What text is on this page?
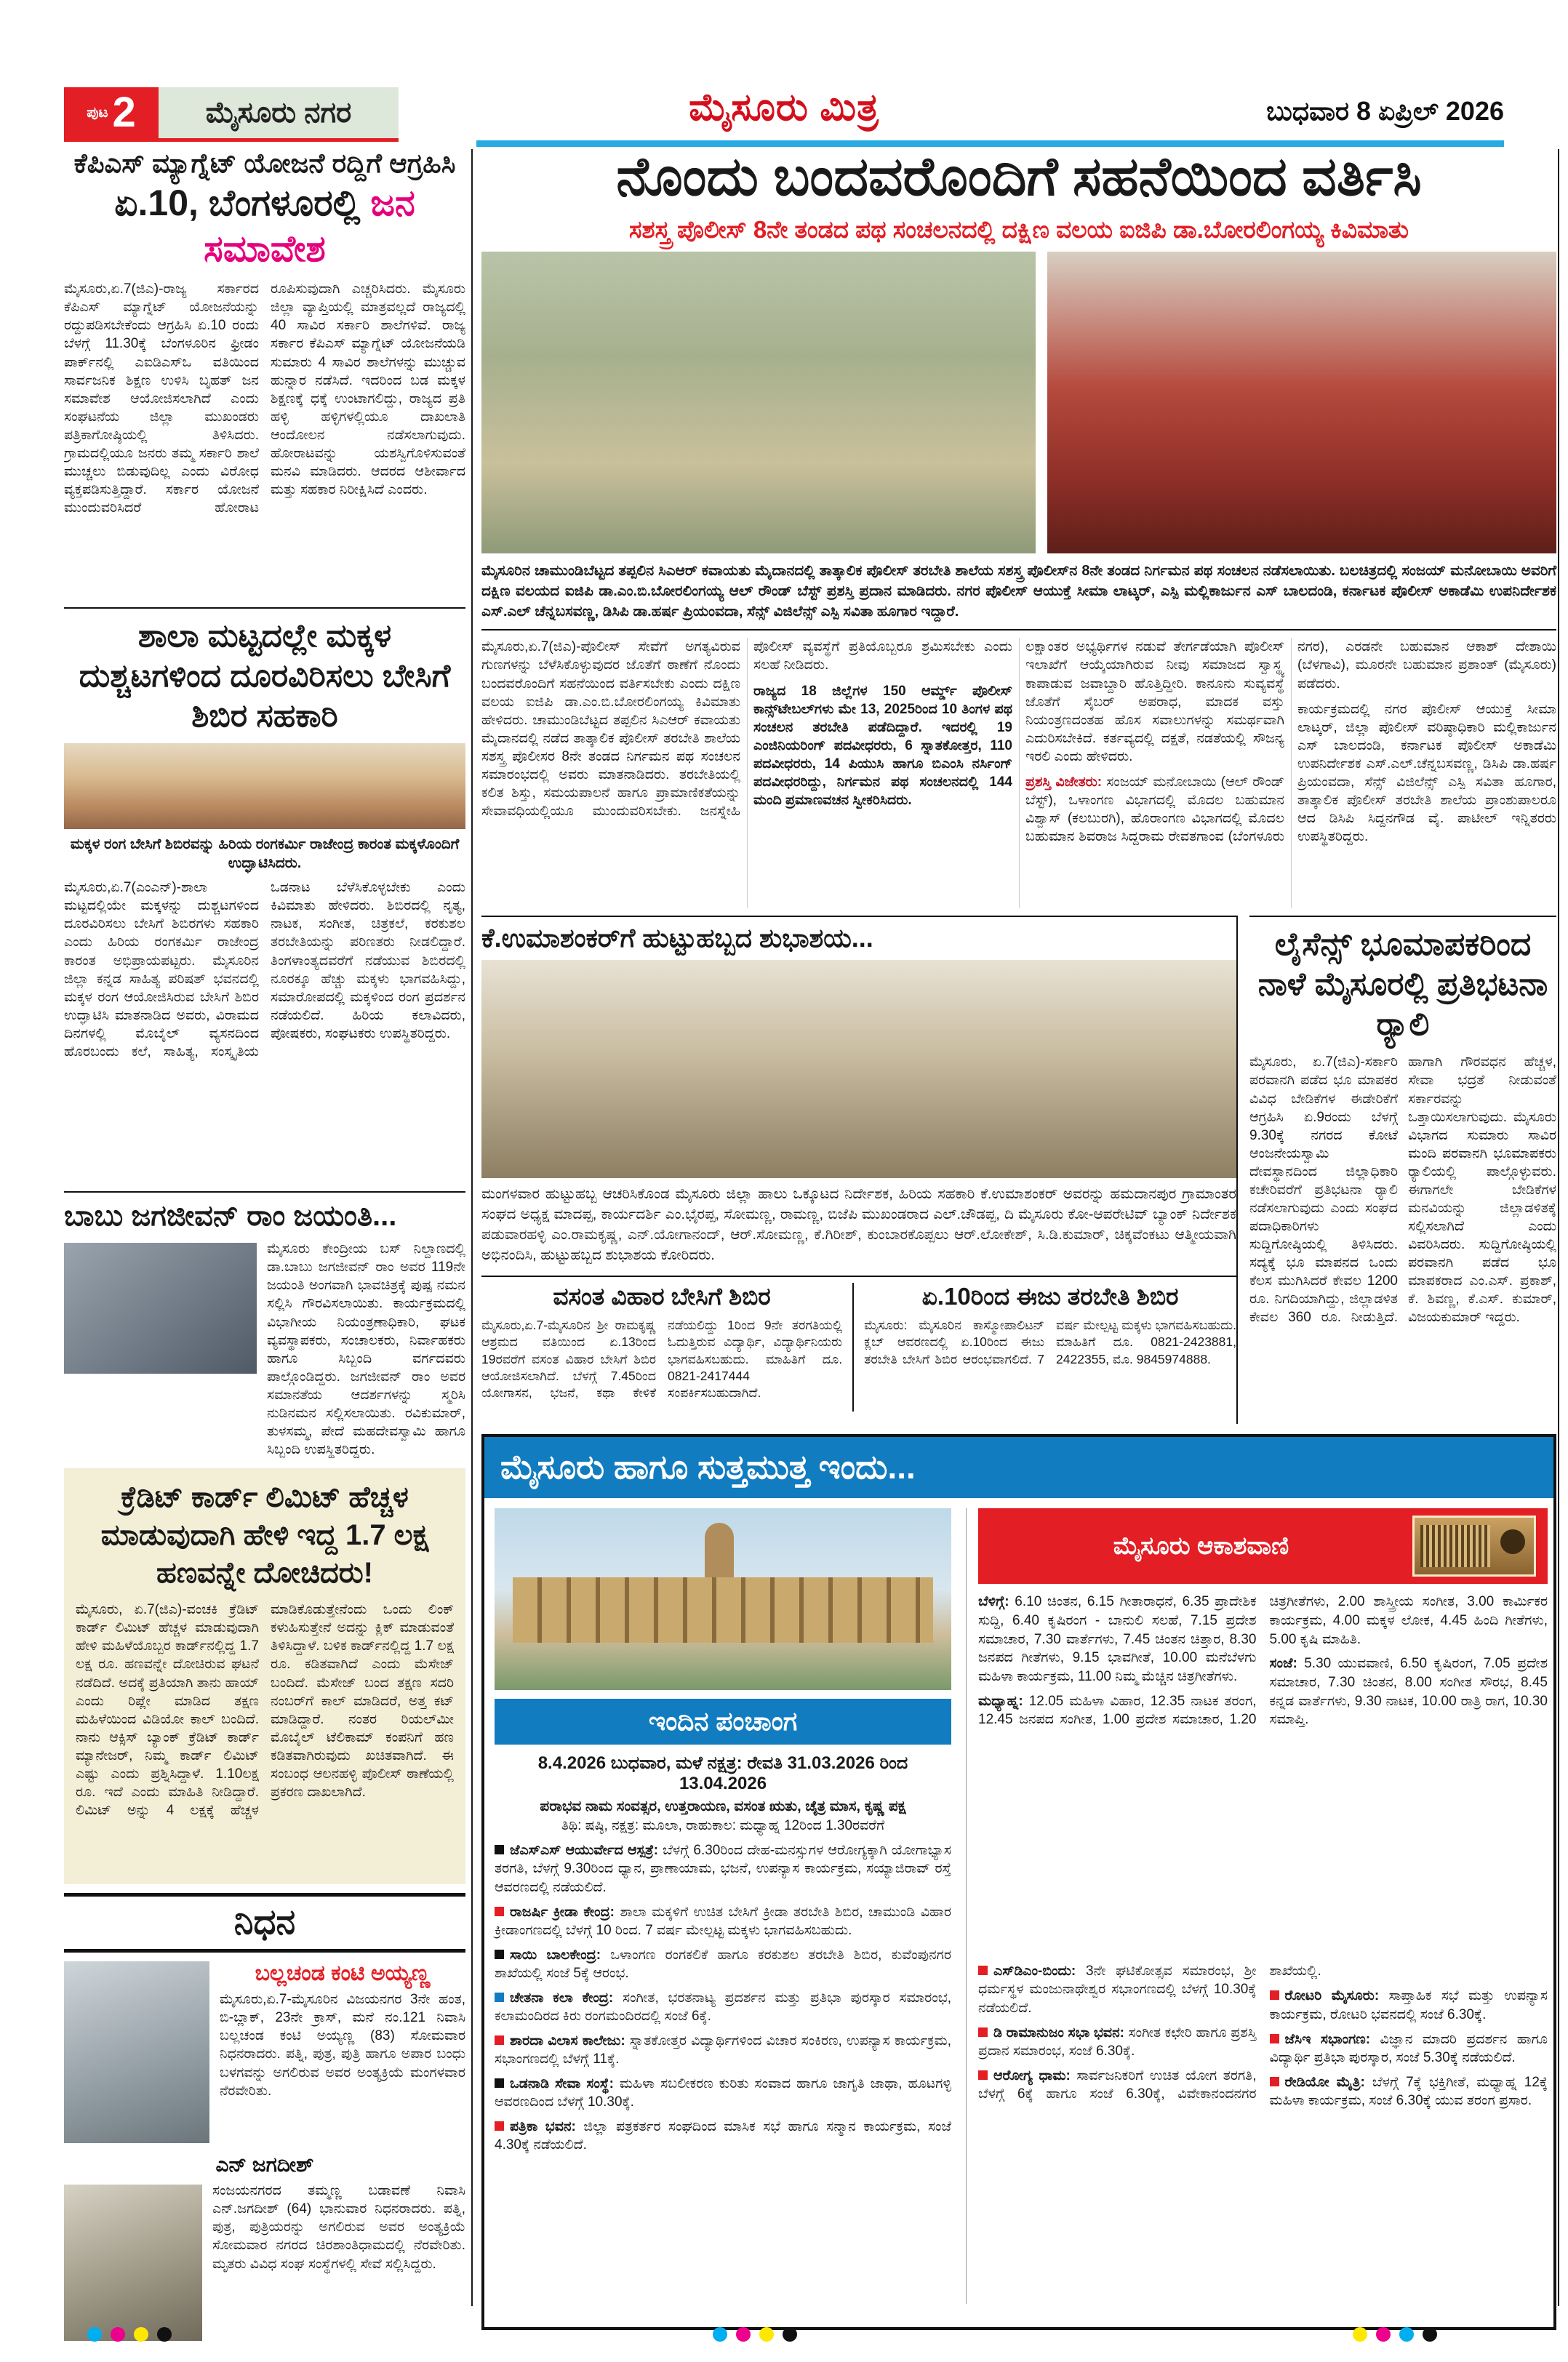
ಪುಟ 2	ಮೈಸೂರು ನಗರ	ಮೈಸೂರು ಮಿತ್ರ	ಬುಧವಾರ 8 ಏಪ್ರಿಲ್ 2026
ಕೆಪಿಎಸ್ ಮ್ಯಾಗ್ನೆಟ್ ಯೋಜನೆ ರದ್ದಿಗೆ ಆಗ್ರಹಿಸಿ
ಏ.10, ಬೆಂಗಳೂರಲ್ಲಿ ಜನ ಸಮಾವೇಶ
ಮೈಸೂರು,ಏ.7(ಜಿಎ)-ರಾಜ್ಯ ಸರ್ಕಾರದ ಕೆಪಿಎಸ್ ಮ್ಯಾಗ್ನೆಟ್ ಯೋಜನೆಯನ್ನು ರದ್ದುಪಡಿಸಬೇಕೆಂದು ಆಗ್ರಹಿಸಿ ಏ.10 ರಂದು ಬೆಳಗ್ಗೆ 11.30ಕ್ಕೆ ಬೆಂಗಳೂರಿನ ಫ್ರೀಡಂ ಪಾರ್ಕ್‌ನಲ್ಲಿ ಎಐಡಿಎಸ್ಒ ವತಿಯಿಂದ ಸಾರ್ವಜನಿಕ ಶಿಕ್ಷಣ ಉಳಿಸಿ ಬೃಹತ್ ಜನ ಸಮಾವೇಶ ಆಯೋಜಿಸಲಾಗಿದೆ ಎಂದು ಸಂಘಟನೆಯ ಜಿಲ್ಲಾ ಮುಖಂಡರು ಪತ್ರಿಕಾಗೋಷ್ಠಿಯಲ್ಲಿ ತಿಳಿಸಿದರು. ಗ್ರಾಮದಲ್ಲಿಯೂ ಜನರು ತಮ್ಮ ಸರ್ಕಾರಿ ಶಾಲೆ ಮುಚ್ಚಲು ಬಿಡುವುದಿಲ್ಲ ಎಂದು ವಿರೋಧ ವ್ಯಕ್ತಪಡಿಸುತ್ತಿದ್ದಾರೆ. ಸರ್ಕಾರ ಯೋಜನೆ ಮುಂದುವರಿಸಿದರೆ ಹೋರಾಟ ರೂಪಿಸುವುದಾಗಿ ಎಚ್ಚರಿಸಿದರು. ಮೈಸೂರು ಜಿಲ್ಲಾ ವ್ಯಾಪ್ತಿಯಲ್ಲಿ ಮಾತ್ರವಲ್ಲದೆ ರಾಜ್ಯದಲ್ಲಿ 40 ಸಾವಿರ ಸರ್ಕಾರಿ ಶಾಲೆಗಳಿವೆ. ರಾಜ್ಯ ಸರ್ಕಾರ ಕೆಪಿಎಸ್ ಮ್ಯಾಗ್ನೆಟ್ ಯೋಜನೆಯಡಿ ಸುಮಾರು 4 ಸಾವಿರ ಶಾಲೆಗಳನ್ನು ಮುಚ್ಚುವ ಹುನ್ನಾರ ನಡೆಸಿದೆ. ಇದರಿಂದ ಬಡ ಮಕ್ಕಳ ಶಿಕ್ಷಣಕ್ಕೆ ಧಕ್ಕೆ ಉಂಟಾಗಲಿದ್ದು, ರಾಜ್ಯದ ಪ್ರತಿ ಹಳ್ಳಿ ಹಳ್ಳಿಗಳಲ್ಲಿಯೂ ದಾಖಲಾತಿ ಆಂದೋಲನ ನಡೆಸಲಾಗುವುದು. ಹೋರಾಟವನ್ನು ಯಶಸ್ವಿಗೊಳಿಸುವಂತೆ ಮನವಿ ಮಾಡಿದರು. ಆದರದ ಆಶೀರ್ವಾದ ಮತ್ತು ಸಹಕಾರ ನಿರೀಕ್ಷಿಸಿದೆ ಎಂದರು.
ಶಾಲಾ ಮಟ್ಟದಲ್ಲೇ ಮಕ್ಕಳ ದುಶ್ಚಟಗಳಿಂದ ದೂರವಿರಿಸಲು ಬೇಸಿಗೆ ಶಿಬಿರ ಸಹಕಾರಿ
ಮಕ್ಕಳ ರಂಗ ಬೇಸಿಗೆ ಶಿಬಿರವನ್ನು ಹಿರಿಯ ರಂಗಕರ್ಮಿ ರಾಜೇಂದ್ರ ಕಾರಂತ ಮಕ್ಕಳೊಂದಿಗೆ ಉದ್ಘಾಟಿಸಿದರು.
ಮೈಸೂರು,ಏ.7(ಎಂಎನ್)-ಶಾಲಾ ಮಟ್ಟದಲ್ಲಿಯೇ ಮಕ್ಕಳನ್ನು ದುಶ್ಚಟಗಳಿಂದ ದೂರವಿರಿಸಲು ಬೇಸಿಗೆ ಶಿಬಿರಗಳು ಸಹಕಾರಿ ಎಂದು ಹಿರಿಯ ರಂಗಕರ್ಮಿ ರಾಜೇಂದ್ರ ಕಾರಂತ ಅಭಿಪ್ರಾಯಪಟ್ಟರು. ಮೈಸೂರಿನ ಜಿಲ್ಲಾ ಕನ್ನಡ ಸಾಹಿತ್ಯ ಪರಿಷತ್ ಭವನದಲ್ಲಿ ಮಕ್ಕಳ ರಂಗ ಆಯೋಜಿಸಿರುವ ಬೇಸಿಗೆ ಶಿಬಿರ ಉದ್ಘಾಟಿಸಿ ಮಾತನಾಡಿದ ಅವರು, ವಿರಾಮದ ದಿನಗಳಲ್ಲಿ ಮೊಬೈಲ್ ವ್ಯಸನದಿಂದ ಹೊರಬಂದು ಕಲೆ, ಸಾಹಿತ್ಯ, ಸಂಸ್ಕೃತಿಯ ಒಡನಾಟ ಬೆಳೆಸಿಕೊಳ್ಳಬೇಕು ಎಂದು ಕಿವಿಮಾತು ಹೇಳಿದರು. ಶಿಬಿರದಲ್ಲಿ ನೃತ್ಯ, ನಾಟಕ, ಸಂಗೀತ, ಚಿತ್ರಕಲೆ, ಕರಕುಶಲ ತರಬೇತಿಯನ್ನು ಪರಿಣತರು ನೀಡಲಿದ್ದಾರೆ. ತಿಂಗಳಾಂತ್ಯದವರೆಗೆ ನಡೆಯುವ ಶಿಬಿರದಲ್ಲಿ ನೂರಕ್ಕೂ ಹೆಚ್ಚು ಮಕ್ಕಳು ಭಾಗವಹಿಸಿದ್ದು, ಸಮಾರೋಪದಲ್ಲಿ ಮಕ್ಕಳಿಂದ ರಂಗ ಪ್ರದರ್ಶನ ನಡೆಯಲಿದೆ. ಹಿರಿಯ ಕಲಾವಿದರು, ಪೋಷಕರು, ಸಂಘಟಕರು ಉಪಸ್ಥಿತರಿದ್ದರು.
ಬಾಬು ಜಗಜೀವನ್ ರಾಂ ಜಯಂತಿ...
ಮೈಸೂರು ಕೇಂದ್ರೀಯ ಬಸ್ ನಿಲ್ದಾಣದಲ್ಲಿ ಡಾ.ಬಾಬು ಜಗಜೀವನ್ ರಾಂ ಅವರ 119ನೇ ಜಯಂತಿ ಅಂಗವಾಗಿ ಭಾವಚಿತ್ರಕ್ಕೆ ಪುಷ್ಪ ನಮನ ಸಲ್ಲಿಸಿ ಗೌರವಿಸಲಾಯಿತು. ಕಾರ್ಯಕ್ರಮದಲ್ಲಿ ವಿಭಾಗೀಯ ನಿಯಂತ್ರಣಾಧಿಕಾರಿ, ಘಟಕ ವ್ಯವಸ್ಥಾಪಕರು, ಸಂಚಾಲಕರು, ನಿರ್ವಾಹಕರು ಹಾಗೂ ಸಿಬ್ಬಂದಿ ವರ್ಗದವರು ಪಾಲ್ಗೊಂಡಿದ್ದರು. ಜಗಜೀವನ್ ರಾಂ ಅವರ ಸಮಾನತೆಯ ಆದರ್ಶಗಳನ್ನು ಸ್ಮರಿಸಿ ನುಡಿನಮನ ಸಲ್ಲಿಸಲಾಯಿತು. ರವಿಕುಮಾರ್, ತುಳಸಮ್ಮ, ಪೇದೆ ಮಹದೇವಸ್ವಾಮಿ ಹಾಗೂ ಸಿಬ್ಬಂದಿ ಉಪಸ್ಥಿತರಿದ್ದರು.
ಕ್ರೆಡಿಟ್ ಕಾರ್ಡ್ ಲಿಮಿಟ್ ಹೆಚ್ಚಳ ಮಾಡುವುದಾಗಿ ಹೇಳಿ ಇದ್ದ 1.7 ಲಕ್ಷ ಹಣವನ್ನೇ ದೋಚಿದರು!
ಮೈಸೂರು, ಏ.7(ಜಿಎ)-ವಂಚಕಿ ಕ್ರೆಡಿಟ್ ಕಾರ್ಡ್ ಲಿಮಿಟ್ ಹೆಚ್ಚಳ ಮಾಡುವುದಾಗಿ ಹೇಳಿ ಮಹಿಳೆಯೊಬ್ಬರ ಕಾರ್ಡ್‌ನಲ್ಲಿದ್ದ 1.7 ಲಕ್ಷ ರೂ. ಹಣವನ್ನೇ ದೋಚಿರುವ ಘಟನೆ ನಡೆದಿದೆ. ಅದಕ್ಕೆ ಪ್ರತಿಯಾಗಿ ತಾನು ಹಾಯ್ ಎಂದು ರಿಪ್ಲೇ ಮಾಡಿದ ತಕ್ಷಣ ಮಹಿಳೆಯಿಂದ ವಿಡಿಯೋ ಕಾಲ್ ಬಂದಿದೆ. ನಾನು ಆಕ್ಸಿಸ್ ಬ್ಯಾಂಕ್ ಕ್ರೆಡಿಟ್ ಕಾರ್ಡ್ ಮ್ಯಾನೇಜರ್, ನಿಮ್ಮ ಕಾರ್ಡ್ ಲಿಮಿಟ್ ಎಷ್ಟು ಎಂದು ಪ್ರಶ್ನಿಸಿದ್ದಾಳೆ. 1.10ಲಕ್ಷ ರೂ. ಇದೆ ಎಂದು ಮಾಹಿತಿ ನೀಡಿದ್ದಾರೆ. ಲಿಮಿಟ್ ಅನ್ನು 4 ಲಕ್ಷಕ್ಕೆ ಹೆಚ್ಚಳ ಮಾಡಿಕೊಡುತ್ತೇನೆಂದು ಒಂದು ಲಿಂಕ್ ಕಳುಹಿಸುತ್ತೇನೆ ಅದನ್ನು ಕ್ಲಿಕ್ ಮಾಡುವಂತೆ ತಿಳಿಸಿದ್ದಾಳೆ. ಬಳಿಕ ಕಾರ್ಡ್‌ನಲ್ಲಿದ್ದ 1.7 ಲಕ್ಷ ರೂ. ಕಡಿತವಾಗಿದೆ ಎಂದು ಮೆಸೇಜ್ ಬಂದಿದೆ. ಮೆಸೇಜ್ ಬಂದ ತಕ್ಷಣ ಸದರಿ ನಂಬರ್‌ಗೆ ಕಾಲ್ ಮಾಡಿದರೆ, ಅತ್ತ ಕಟ್ ಮಾಡಿದ್ದಾರೆ. ನಂತರ ರಿಯಲ್‌ಮೀ ಮೊಬೈಲ್ ಟೆಲಿಕಾಮ್ ಕಂಪನಿಗೆ ಹಣ ಕಡಿತವಾಗಿರುವುದು ಖಚಿತವಾಗಿದೆ. ಈ ಸಂಬಂಧ ಆಲನಹಳ್ಳಿ ಪೊಲೀಸ್ ಠಾಣೆಯಲ್ಲಿ ಪ್ರಕರಣ ದಾಖಲಾಗಿದೆ.
ನಿಧನ
ಬಲ್ಲಚಂಡ ಕಂಟಿ ಅಯ್ಯಣ್ಣ
ಮೈಸೂರು,ಏ.7-ಮೈಸೂರಿನ ವಿಜಯನಗರ 3ನೇ ಹಂತ, ಬಿ-ಬ್ಲಾಕ್, 23ನೇ ಕ್ರಾಸ್, ಮನೆ ನಂ.121 ನಿವಾಸಿ ಬಲ್ಲಚಂಡ ಕಂಟಿ ಅಯ್ಯಣ್ಣ (83) ಸೋಮವಾರ ನಿಧನರಾದರು. ಪತ್ನಿ, ಪುತ್ರ, ಪುತ್ರಿ ಹಾಗೂ ಅಪಾರ ಬಂಧು ಬಳಗವನ್ನು ಅಗಲಿರುವ ಅವರ ಅಂತ್ಯಕ್ರಿಯೆ ಮಂಗಳವಾರ ನೆರವೇರಿತು.
ಎನ್ ಜಗದೀಶ್
ಸಂಜಯನಗರದ ತಮ್ಮಣ್ಣ ಬಡಾವಣೆ ನಿವಾಸಿ ಎನ್.ಜಗದೀಶ್ (64) ಭಾನುವಾರ ನಿಧನರಾದರು. ಪತ್ನಿ, ಪುತ್ರ, ಪುತ್ರಿಯರನ್ನು ಅಗಲಿರುವ ಅವರ ಅಂತ್ಯಕ್ರಿಯೆ ಸೋಮವಾರ ನಗರದ ಚಿರಶಾಂತಿಧಾಮದಲ್ಲಿ ನೆರವೇರಿತು. ಮೃತರು ವಿವಿಧ ಸಂಘ ಸಂಸ್ಥೆಗಳಲ್ಲಿ ಸೇವೆ ಸಲ್ಲಿಸಿದ್ದರು.
ನೊಂದು ಬಂದವರೊಂದಿಗೆ ಸಹನೆಯಿಂದ ವರ್ತಿಸಿ
ಸಶಸ್ತ್ರ ಪೊಲೀಸ್ 8ನೇ ತಂಡದ ಪಥ ಸಂಚಲನದಲ್ಲಿ ದಕ್ಷಿಣ ವಲಯ ಐಜಿಪಿ ಡಾ.ಬೋರಲಿಂಗಯ್ಯ ಕಿವಿಮಾತು
ಮೈಸೂರಿನ ಚಾಮುಂಡಿಬೆಟ್ಟದ ತಪ್ಪಲಿನ ಸಿಎಆರ್ ಕವಾಯತು ಮೈದಾನದಲ್ಲಿ ತಾತ್ಕಾಲಿಕ ಪೊಲೀಸ್ ತರಬೇತಿ ಶಾಲೆಯ ಸಶಸ್ತ್ರ ಪೊಲೀಸ್‌ನ 8ನೇ ತಂಡದ ನಿರ್ಗಮನ ಪಥ ಸಂಚಲನ ನಡೆಸಲಾಯಿತು. ಬಲಚಿತ್ರದಲ್ಲಿ ಸಂಜಯ್ ಮನೋಬಾಯಿ ಅವರಿಗೆ ದಕ್ಷಿಣ ವಲಯದ ಐಜಿಪಿ ಡಾ.ಎಂ.ಬಿ.ಬೋರಲಿಂಗಯ್ಯ ಆಲ್ ರೌಂಡ್ ಬೆಸ್ಟ್ ಪ್ರಶಸ್ತಿ ಪ್ರದಾನ ಮಾಡಿದರು. ನಗರ ಪೊಲೀಸ್ ಆಯುಕ್ತೆ ಸೀಮಾ ಲಾಟ್ಕರ್, ಎಸ್ಪಿ ಮಲ್ಲಿಕಾರ್ಜುನ ಎಸ್ ಬಾಲದಂಡಿ, ಕರ್ನಾಟಕ ಪೊಲೀಸ್ ಅಕಾಡೆಮಿ ಉಪನಿರ್ದೇಶಕ ಎಸ್.ಎಲ್ ಚೆನ್ನಬಸವಣ್ಣ, ಡಿಸಿಪಿ ಡಾ.ಹರ್ಷ ಪ್ರಿಯಂವದಾ, ಸೆನ್ಸ್ ವಿಜಿಲೆನ್ಸ್ ಎಸ್ಪಿ ಸವಿತಾ ಹೂಗಾರ ಇದ್ದಾರೆ.

ಮೈಸೂರು,ಏ.7(ಜಿಎ)-ಪೊಲೀಸ್ ಸೇವೆಗೆ ಅಗತ್ಯವಿರುವ ಗುಣಗಳನ್ನು ಬೆಳೆಸಿಕೊಳ್ಳುವುದರ ಜೊತೆಗೆ ಠಾಣೆಗೆ ನೊಂದು ಬಂದವರೊಂದಿಗೆ ಸಹನೆಯಿಂದ ವರ್ತಿಸಬೇಕು ಎಂದು ದಕ್ಷಿಣ ವಲಯ ಐಜಿಪಿ ಡಾ.ಎಂ.ಬಿ.ಬೋರಲಿಂಗಯ್ಯ ಕಿವಿಮಾತು ಹೇಳಿದರು. ಚಾಮುಂಡಿಬೆಟ್ಟದ ತಪ್ಪಲಿನ ಸಿಎಆರ್ ಕವಾಯತು ಮೈದಾನದಲ್ಲಿ ನಡೆದ ತಾತ್ಕಾಲಿಕ ಪೊಲೀಸ್ ತರಬೇತಿ ಶಾಲೆಯ ಸಶಸ್ತ್ರ ಪೊಲೀಸರ 8ನೇ ತಂಡದ ನಿರ್ಗಮನ ಪಥ ಸಂಚಲನ ಸಮಾರಂಭದಲ್ಲಿ ಅವರು ಮಾತನಾಡಿದರು. ತರಬೇತಿಯಲ್ಲಿ ಕಲಿತ ಶಿಸ್ತು, ಸಮಯಪಾಲನೆ ಹಾಗೂ ಪ್ರಾಮಾಣಿಕತೆಯನ್ನು ಸೇವಾವಧಿಯಲ್ಲಿಯೂ ಮುಂದುವರಿಸಬೇಕು. ಜನಸ್ನೇಹಿ ಪೊಲೀಸ್ ವ್ಯವಸ್ಥೆಗೆ ಪ್ರತಿಯೊಬ್ಬರೂ ಶ್ರಮಿಸಬೇಕು ಎಂದು ಸಲಹೆ ನೀಡಿದರು.

ರಾಜ್ಯದ 18 ಜಿಲ್ಲೆಗಳ 150 ಆರ್ಮ್ಡ್ ಪೊಲೀಸ್ ಕಾನ್ಸ್‌ಟೇಬಲ್‌ಗಳು ಮೇ 13, 2025ರಿಂದ 10 ತಿಂಗಳ ಪಥ ಸಂಚಲನ ತರಬೇತಿ ಪಡೆದಿದ್ದಾರೆ. ಇದರಲ್ಲಿ 19 ಎಂಜಿನಿಯರಿಂಗ್ ಪದವೀಧರರು, 6 ಸ್ನಾತಕೋತ್ತರ, 110 ಪದವೀಧರರು, 14 ಪಿಯುಸಿ ಹಾಗೂ ಬಿಎಂಸಿ ನರ್ಸಿಂಗ್ ಪದವೀಧರರಿದ್ದು, ನಿರ್ಗಮನ ಪಥ ಸಂಚಲನದಲ್ಲಿ 144 ಮಂದಿ ಪ್ರಮಾಣವಚನ ಸ್ವೀಕರಿಸಿದರು.

ಲಕ್ಷಾಂತರ ಅಭ್ಯರ್ಥಿಗಳ ನಡುವೆ ತೇರ್ಗಡೆಯಾಗಿ ಪೊಲೀಸ್ ಇಲಾಖೆಗೆ ಆಯ್ಕೆಯಾಗಿರುವ ನೀವು ಸಮಾಜದ ಸ್ವಾಸ್ಥ್ಯ ಕಾಪಾಡುವ ಜವಾಬ್ದಾರಿ ಹೊತ್ತಿದ್ದೀರಿ. ಕಾನೂನು ಸುವ್ಯವಸ್ಥೆ ಜೊತೆಗೆ ಸೈಬರ್ ಅಪರಾಧ, ಮಾದಕ ವಸ್ತು ನಿಯಂತ್ರಣದಂತಹ ಹೊಸ ಸವಾಲುಗಳನ್ನು ಸಮರ್ಥವಾಗಿ ಎದುರಿಸಬೇಕಿದೆ. ಕರ್ತವ್ಯದಲ್ಲಿ ದಕ್ಷತೆ, ನಡತೆಯಲ್ಲಿ ಸೌಜನ್ಯ ಇರಲಿ ಎಂದು ಹೇಳಿದರು.

ಪ್ರಶಸ್ತಿ ವಿಜೇತರು: ಸಂಜಯ್ ಮನೋಬಾಯಿ (ಆಲ್ ರೌಂಡ್ ಬೆಸ್ಟ್), ಒಳಾಂಗಣ ವಿಭಾಗದಲ್ಲಿ ಮೊದಲ ಬಹುಮಾನ ವಿಶ್ವಾಸ್ (ಕಲಬುರಗಿ), ಹೊರಾಂಗಣ ವಿಭಾಗದಲ್ಲಿ ಮೊದಲ ಬಹುಮಾನ ಶಿವರಾಜ ಸಿದ್ದರಾಮ ರೇವತಗಾಂವ (ಬೆಂಗಳೂರು ನಗರ), ಎರಡನೇ ಬಹುಮಾನ ಆಕಾಶ್ ದೇಶಾಯಿ (ಬೆಳಗಾವಿ), ಮೂರನೇ ಬಹುಮಾನ ಪ್ರಶಾಂತ್ (ಮೈಸೂರು) ಪಡೆದರು.

ಕಾರ್ಯಕ್ರಮದಲ್ಲಿ ನಗರ ಪೊಲೀಸ್ ಆಯುಕ್ತೆ ಸೀಮಾ ಲಾಟ್ಕರ್, ಜಿಲ್ಲಾ ಪೊಲೀಸ್ ವರಿಷ್ಠಾಧಿಕಾರಿ ಮಲ್ಲಿಕಾರ್ಜುನ ಎಸ್ ಬಾಲದಂಡಿ, ಕರ್ನಾಟಕ ಪೊಲೀಸ್ ಅಕಾಡೆಮಿ ಉಪನಿರ್ದೇಶಕ ಎಸ್.ಎಲ್.ಚೆನ್ನಬಸವಣ್ಣ, ಡಿಸಿಪಿ ಡಾ.ಹರ್ಷ ಪ್ರಿಯಂವದಾ, ಸೆನ್ಸ್ ವಿಜಿಲೆನ್ಸ್ ಎಸ್ಪಿ ಸವಿತಾ ಹೂಗಾರ, ತಾತ್ಕಾಲಿಕ ಪೊಲೀಸ್ ತರಬೇತಿ ಶಾಲೆಯ ಪ್ರಾಂಶುಪಾಲರೂ ಆದ ಡಿಸಿಪಿ ಸಿದ್ದನಗೌಡ ವೈ. ಪಾಟೀಲ್ ಇನ್ನಿತರರು ಉಪಸ್ಥಿತರಿದ್ದರು.

ಕೆ.ಉಮಾಶಂಕರ್‌ಗೆ ಹುಟ್ಟುಹಬ್ಬದ ಶುಭಾಶಯ...
ಮಂಗಳವಾರ ಹುಟ್ಟುಹಬ್ಬ ಆಚರಿಸಿಕೊಂಡ ಮೈಸೂರು ಜಿಲ್ಲಾ ಹಾಲು ಒಕ್ಕೂಟದ ನಿರ್ದೇಶಕ, ಹಿರಿಯ ಸಹಕಾರಿ ಕೆ.ಉಮಾಶಂಕರ್ ಅವರನ್ನು ಹಮದಾನಪುರ ಗ್ರಾಮಾಂತರ ಸಂಘದ ಅಧ್ಯಕ್ಷ ಮಾದಪ್ಪ, ಕಾರ್ಯದರ್ಶಿ ಎಂ.ಭೈರಪ್ಪ, ಸೋಮಣ್ಣ, ರಾಮಣ್ಣ, ಬಿಜೆಪಿ ಮುಖಂಡರಾದ ಎಲ್.ಚೌಡಪ್ಪ, ದಿ ಮೈಸೂರು ಕೋ-ಆಪರೇಟಿವ್ ಬ್ಯಾಂಕ್ ನಿರ್ದೇಶಕ ಪಡುವಾರಹಳ್ಳಿ ಎಂ.ರಾಮಕೃಷ್ಣ, ಎನ್.ಯೋಗಾನಂದ್, ಆರ್.ಸೋಮಣ್ಣ, ಕೆ.ಗಿರೀಶ್, ಕುಂಬಾರಕೊಪ್ಪಲು ಆರ್.ಲೋಕೇಶ್, ಸಿ.ಡಿ.ಕುಮಾರ್, ಚಿಕ್ಕವೆಂಕಟು ಆತ್ಮೀಯವಾಗಿ ಅಭಿನಂದಿಸಿ, ಹುಟ್ಟುಹಬ್ಬದ ಶುಭಾಶಯ ಕೋರಿದರು.
ವಸಂತ ವಿಹಾರ ಬೇಸಿಗೆ ಶಿಬಿರ
ಮೈಸೂರು,ಏ.7-ಮೈಸೂರಿನ ಶ್ರೀ ರಾಮಕೃಷ್ಣ ಆಶ್ರಮದ ವತಿಯಿಂದ ಏ.13ರಿಂದ 19ರವರೆಗೆ ವಸಂತ ವಿಹಾರ ಬೇಸಿಗೆ ಶಿಬಿರ ಆಯೋಜಿಸಲಾಗಿದೆ. ಬೆಳಗ್ಗೆ 7.45ರಿಂದ ಯೋಗಾಸನ, ಭಜನೆ, ಕಥಾ ಕೇಳಿಕೆ ನಡೆಯಲಿದ್ದು 1ರಿಂದ 9ನೇ ತರಗತಿಯಲ್ಲಿ ಓದುತ್ತಿರುವ ವಿದ್ಯಾರ್ಥಿ, ವಿದ್ಯಾರ್ಥಿನಿಯರು ಭಾಗವಹಿಸಬಹುದು. ಮಾಹಿತಿಗೆ ದೂ. 0821-2417444 ಸಂಪರ್ಕಿಸಬಹುದಾಗಿದೆ.
ಏ.10ರಿಂದ ಈಜು ತರಬೇತಿ ಶಿಬಿರ
ಮೈಸೂರು: ಮೈಸೂರಿನ ಕಾಸ್ಮೋಪಾಲಿಟನ್ ಕ್ಲಬ್ ಆವರಣದಲ್ಲಿ ಏ.10ರಿಂದ ಈಜು ತರಬೇತಿ ಬೇಸಿಗೆ ಶಿಬಿರ ಆರಂಭವಾಗಲಿದೆ. 7 ವರ್ಷ ಮೇಲ್ಪಟ್ಟ ಮಕ್ಕಳು ಭಾಗವಹಿಸಬಹುದು. ಮಾಹಿತಿಗೆ ದೂ. 0821-2423881, 2422355, ಮೊ. 9845974888.
ಲೈಸೆನ್ಸ್ ಭೂಮಾಪಕರಿಂದ ನಾಳೆ ಮೈಸೂರಲ್ಲಿ ಪ್ರತಿಭಟನಾ ರ‍್ಯಾಲಿ
ಮೈಸೂರು, ಏ.7(ಜಿಎ)-ಸರ್ಕಾರಿ ಪರವಾನಗಿ ಪಡೆದ ಭೂ ಮಾಪಕರ ವಿವಿಧ ಬೇಡಿಕೆಗಳ ಈಡೇರಿಕೆಗೆ ಆಗ್ರಹಿಸಿ ಏ.9ರಂದು ಬೆಳಗ್ಗೆ 9.30ಕ್ಕೆ ನಗರದ ಕೋಟೆ ಆಂಜನೇಯಸ್ವಾಮಿ ದೇವಸ್ಥಾನದಿಂದ ಜಿಲ್ಲಾಧಿಕಾರಿ ಕಚೇರಿವರೆಗೆ ಪ್ರತಿಭಟನಾ ರ‍್ಯಾಲಿ ನಡೆಸಲಾಗುವುದು ಎಂದು ಸಂಘದ ಪದಾಧಿಕಾರಿಗಳು ಸುದ್ದಿಗೋಷ್ಠಿಯಲ್ಲಿ ತಿಳಿಸಿದರು. ಸದ್ಯಕ್ಕೆ ಭೂ ಮಾಪನದ ಒಂದು ಕೆಲಸ ಮುಗಿಸಿದರೆ ಕೇವಲ 1200 ರೂ. ನಿಗದಿಯಾಗಿದ್ದು, ಜಿಲ್ಲಾಡಳಿತ ಕೇವಲ 360 ರೂ. ನೀಡುತ್ತಿದೆ. ಹಾಗಾಗಿ ಗೌರವಧನ ಹೆಚ್ಚಳ, ಸೇವಾ ಭದ್ರತೆ ನೀಡುವಂತೆ ಸರ್ಕಾರವನ್ನು ಒತ್ತಾಯಿಸಲಾಗುವುದು. ಮೈಸೂರು ವಿಭಾಗದ ಸುಮಾರು ಸಾವಿರ ಮಂದಿ ಪರವಾನಗಿ ಭೂಮಾಪಕರು ರ‍್ಯಾಲಿಯಲ್ಲಿ ಪಾಲ್ಗೊಳ್ಳುವರು. ಈಗಾಗಲೇ ಬೇಡಿಕೆಗಳ ಮನವಿಯನ್ನು ಜಿಲ್ಲಾಡಳಿತಕ್ಕೆ ಸಲ್ಲಿಸಲಾಗಿದೆ ಎಂದು ವಿವರಿಸಿದರು. ಸುದ್ದಿಗೋಷ್ಠಿಯಲ್ಲಿ ಪರವಾನಗಿ ಪಡೆದ ಭೂ ಮಾಪಕರಾದ ಎಂ.ಎಸ್. ಪ್ರಕಾಶ್, ಕೆ. ಶಿವಣ್ಣ, ಕೆ.ಎಸ್. ಕುಮಾರ್, ವಿಜಯಕುಮಾರ್ ಇದ್ದರು.
ಮೈಸೂರು ಹಾಗೂ ಸುತ್ತಮುತ್ತ ಇಂದು...
ಇಂದಿನ ಪಂಚಾಂಗ
8.4.2026 ಬುಧವಾರ, ಮಳೆ ನಕ್ಷತ್ರ: ರೇವತಿ 31.03.2026 ರಿಂದ 13.04.2026
ಪರಾಭವ ನಾಮ ಸಂವತ್ಸರ, ಉತ್ತರಾಯಣ, ವಸಂತ ಋತು, ಚೈತ್ರ ಮಾಸ, ಕೃಷ್ಣ ಪಕ್ಷ
ತಿಥಿ: ಷಷ್ಠಿ, ನಕ್ಷತ್ರ: ಮೂಲಾ, ರಾಹುಕಾಲ: ಮಧ್ಯಾಹ್ನ 12ರಿಂದ 1.30ರವರೆಗೆ

ಜೆಎಸ್ಎಸ್ ಆಯುರ್ವೇದ ಆಸ್ಪತ್ರೆ: ಬೆಳಗ್ಗೆ 6.30ರಿಂದ ದೇಹ-ಮನಸ್ಸುಗಳ ಆರೋಗ್ಯಕ್ಕಾಗಿ ಯೋಗಾಭ್ಯಾಸ ತರಗತಿ, ಬೆಳಗ್ಗೆ 9.30ರಿಂದ ಧ್ಯಾನ, ಪ್ರಾಣಾಯಾಮ, ಭಜನೆ, ಉಪನ್ಯಾಸ ಕಾರ್ಯಕ್ರಮ, ಸಯ್ಯಾಜಿರಾವ್ ರಸ್ತೆ ಆವರಣದಲ್ಲಿ ನಡೆಯಲಿದೆ.

ರಾಜರ್ಷಿ ಕ್ರೀಡಾ ಕೇಂದ್ರ: ಶಾಲಾ ಮಕ್ಕಳಿಗೆ ಉಚಿತ ಬೇಸಿಗೆ ಕ್ರೀಡಾ ತರಬೇತಿ ಶಿಬಿರ, ಚಾಮುಂಡಿ ವಿಹಾರ ಕ್ರೀಡಾಂಗಣದಲ್ಲಿ ಬೆಳಗ್ಗೆ 10 ರಿಂದ. 7 ವರ್ಷ ಮೇಲ್ಪಟ್ಟ ಮಕ್ಕಳು ಭಾಗವಹಿಸಬಹುದು.

ಸಾಯಿ ಬಾಲಕೇಂದ್ರ: ಒಳಾಂಗಣ ರಂಗಕಲಿಕೆ ಹಾಗೂ ಕರಕುಶಲ ತರಬೇತಿ ಶಿಬಿರ, ಕುವೆಂಪುನಗರ ಶಾಖೆಯಲ್ಲಿ ಸಂಜೆ 5ಕ್ಕೆ ಆರಂಭ.

ಚೇತನಾ ಕಲಾ ಕೇಂದ್ರ: ಸಂಗೀತ, ಭರತನಾಟ್ಯ ಪ್ರದರ್ಶನ ಮತ್ತು ಪ್ರತಿಭಾ ಪುರಸ್ಕಾರ ಸಮಾರಂಭ, ಕಲಾಮಂದಿರದ ಕಿರು ರಂಗಮಂದಿರದಲ್ಲಿ ಸಂಜೆ 6ಕ್ಕೆ.

ಶಾರದಾ ವಿಲಾಸ ಕಾಲೇಜು: ಸ್ನಾತಕೋತ್ತರ ವಿದ್ಯಾರ್ಥಿಗಳಿಂದ ವಿಚಾರ ಸಂಕಿರಣ, ಉಪನ್ಯಾಸ ಕಾರ್ಯಕ್ರಮ, ಸಭಾಂಗಣದಲ್ಲಿ ಬೆಳಗ್ಗೆ 11ಕ್ಕೆ.

ಒಡನಾಡಿ ಸೇವಾ ಸಂಸ್ಥೆ: ಮಹಿಳಾ ಸಬಲೀಕರಣ ಕುರಿತು ಸಂವಾದ ಹಾಗೂ ಜಾಗೃತಿ ಜಾಥಾ, ಹೂಟಗಳ್ಳಿ ಆವರಣದಿಂದ ಬೆಳಗ್ಗೆ 10.30ಕ್ಕೆ.

ಪತ್ರಿಕಾ ಭವನ: ಜಿಲ್ಲಾ ಪತ್ರಕರ್ತರ ಸಂಘದಿಂದ ಮಾಸಿಕ ಸಭೆ ಹಾಗೂ ಸನ್ಮಾನ ಕಾರ್ಯಕ್ರಮ, ಸಂಜೆ 4.30ಕ್ಕೆ ನಡೆಯಲಿದೆ.

ಮೈಸೂರು ಆಕಾಶವಾಣಿ

ಬೆಳಿಗ್ಗೆ: 6.10 ಚಿಂತನ, 6.15 ಗೀತಾರಾಧನೆ, 6.35 ಪ್ರಾದೇಶಿಕ ಸುದ್ದಿ, 6.40 ಕೃಷಿರಂಗ - ಬಾನುಲಿ ಸಲಹೆ, 7.15 ಪ್ರದೇಶ ಸಮಾಚಾರ, 7.30 ವಾರ್ತೆಗಳು, 7.45 ಚಿಂತನ ಚಿತ್ತಾರ, 8.30 ಜನಪದ ಗೀತೆಗಳು, 9.15 ಭಾವಗೀತೆ, 10.00 ಮನೆಬೆಳಗು ಮಹಿಳಾ ಕಾರ್ಯಕ್ರಮ, 11.00 ನಿಮ್ಮ ಮೆಚ್ಚಿನ ಚಿತ್ರಗೀತೆಗಳು.

ಮಧ್ಯಾಹ್ನ: 12.05 ಮಹಿಳಾ ವಿಹಾರ, 12.35 ನಾಟಕ ತರಂಗ, 12.45 ಜನಪದ ಸಂಗೀತ, 1.00 ಪ್ರದೇಶ ಸಮಾಚಾರ, 1.20 ಚಿತ್ರಗೀತೆಗಳು, 2.00 ಶಾಸ್ತ್ರೀಯ ಸಂಗೀತ, 3.00 ಕಾರ್ಮಿಕರ ಕಾರ್ಯಕ್ರಮ, 4.00 ಮಕ್ಕಳ ಲೋಕ, 4.45 ಹಿಂದಿ ಗೀತೆಗಳು, 5.00 ಕೃಷಿ ಮಾಹಿತಿ.

ಸಂಜೆ: 5.30 ಯುವವಾಣಿ, 6.50 ಕೃಷಿರಂಗ, 7.05 ಪ್ರದೇಶ ಸಮಾಚಾರ, 7.30 ಚಿಂತನ, 8.00 ಸಂಗೀತ ಸೌರಭ, 8.45 ಕನ್ನಡ ವಾರ್ತೆಗಳು, 9.30 ನಾಟಕ, 10.00 ರಾತ್ರಿ ರಾಗ, 10.30 ಸಮಾಪ್ತಿ.

ಎಸ್‌ಡಿಎಂ-ಬಿಂದು: 3ನೇ ಘಟಿಕೋತ್ಸವ ಸಮಾರಂಭ, ಶ್ರೀ ಧರ್ಮಸ್ಥಳ ಮಂಜುನಾಥೇಶ್ವರ ಸಭಾಂಗಣದಲ್ಲಿ ಬೆಳಗ್ಗೆ 10.30ಕ್ಕೆ ನಡೆಯಲಿದೆ.

ಡಿ ರಾಮಾನುಜಂ ಸಭಾ ಭವನ: ಸಂಗೀತ ಕಛೇರಿ ಹಾಗೂ ಪ್ರಶಸ್ತಿ ಪ್ರದಾನ ಸಮಾರಂಭ, ಸಂಜೆ 6.30ಕ್ಕೆ.

ಆರೋಗ್ಯ ಧಾಮ: ಸಾರ್ವಜನಿಕರಿಗೆ ಉಚಿತ ಯೋಗ ತರಗತಿ, ಬೆಳಗ್ಗೆ 6ಕ್ಕೆ ಹಾಗೂ ಸಂಜೆ 6.30ಕ್ಕೆ, ವಿವೇಕಾನಂದನಗರ ಶಾಖೆಯಲ್ಲಿ.

ರೋಟರಿ ಮೈಸೂರು: ಸಾಪ್ತಾಹಿಕ ಸಭೆ ಮತ್ತು ಉಪನ್ಯಾಸ ಕಾರ್ಯಕ್ರಮ, ರೋಟರಿ ಭವನದಲ್ಲಿ ಸಂಜೆ 6.30ಕ್ಕೆ.

ಜೆಸಿಇ ಸಭಾಂಗಣ: ವಿಜ್ಞಾನ ಮಾದರಿ ಪ್ರದರ್ಶನ ಹಾಗೂ ವಿದ್ಯಾರ್ಥಿ ಪ್ರತಿಭಾ ಪುರಸ್ಕಾರ, ಸಂಜೆ 5.30ಕ್ಕೆ ನಡೆಯಲಿದೆ.

ರೇಡಿಯೋ ಮೈತ್ರಿ: ಬೆಳಗ್ಗೆ 7ಕ್ಕೆ ಭಕ್ತಿಗೀತೆ, ಮಧ್ಯಾಹ್ನ 12ಕ್ಕೆ ಮಹಿಳಾ ಕಾರ್ಯಕ್ರಮ, ಸಂಜೆ 6.30ಕ್ಕೆ ಯುವ ತರಂಗ ಪ್ರಸಾರ.
